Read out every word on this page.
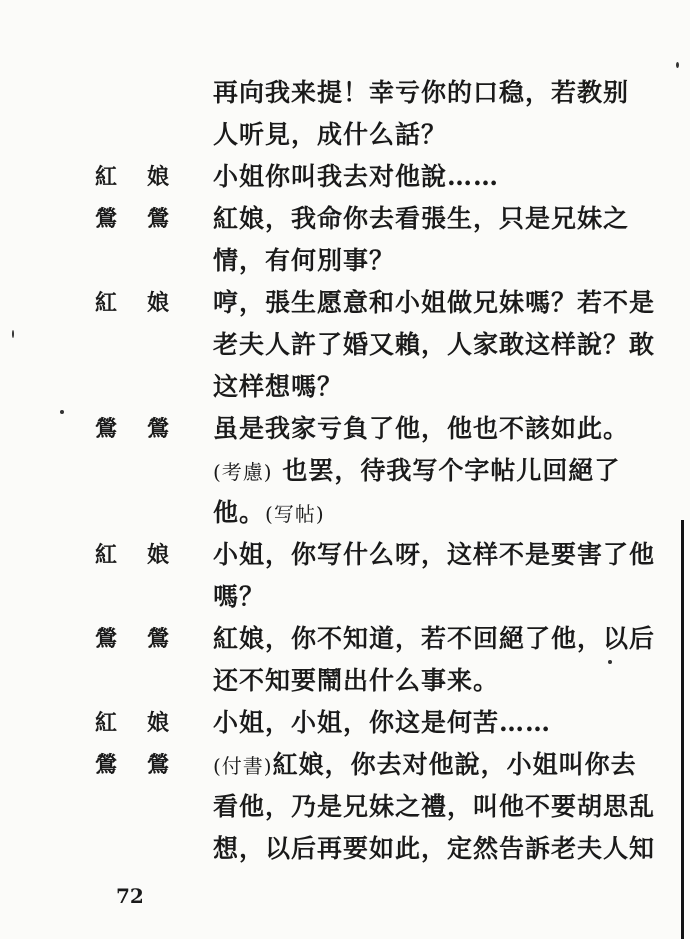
再向我来提！幸亏你的口稳，若教别
人听見，成什么話？
紅	娘	小姐你叫我去对他說……
鶯	鶯	紅娘，我命你去看張生，只是兄妹之
情，有何別事？
紅	娘	哼，張生愿意和小姐做兄妹嗎？若不是
老夫人許了婚又賴，人家敢这样說？敢
这样想嗎？
鶯	鶯	虽是我家亏負了他，他也不該如此。
(考慮) 也罢，待我写个字帖儿回絕了
他。(写帖)
紅	娘	小姐，你写什么呀，这样不是要害了他
嗎？
鶯	鶯	紅娘，你不知道，若不回絕了他，以后
还不知要鬧出什么事来。
紅	娘	小姐，小姐，你这是何苦……
鶯	鶯	(付書)紅娘，你去对他說，小姐叫你去
看他，乃是兄妹之禮，叫他不要胡思乱
想，以后再要如此，定然告訴老夫人知
72
